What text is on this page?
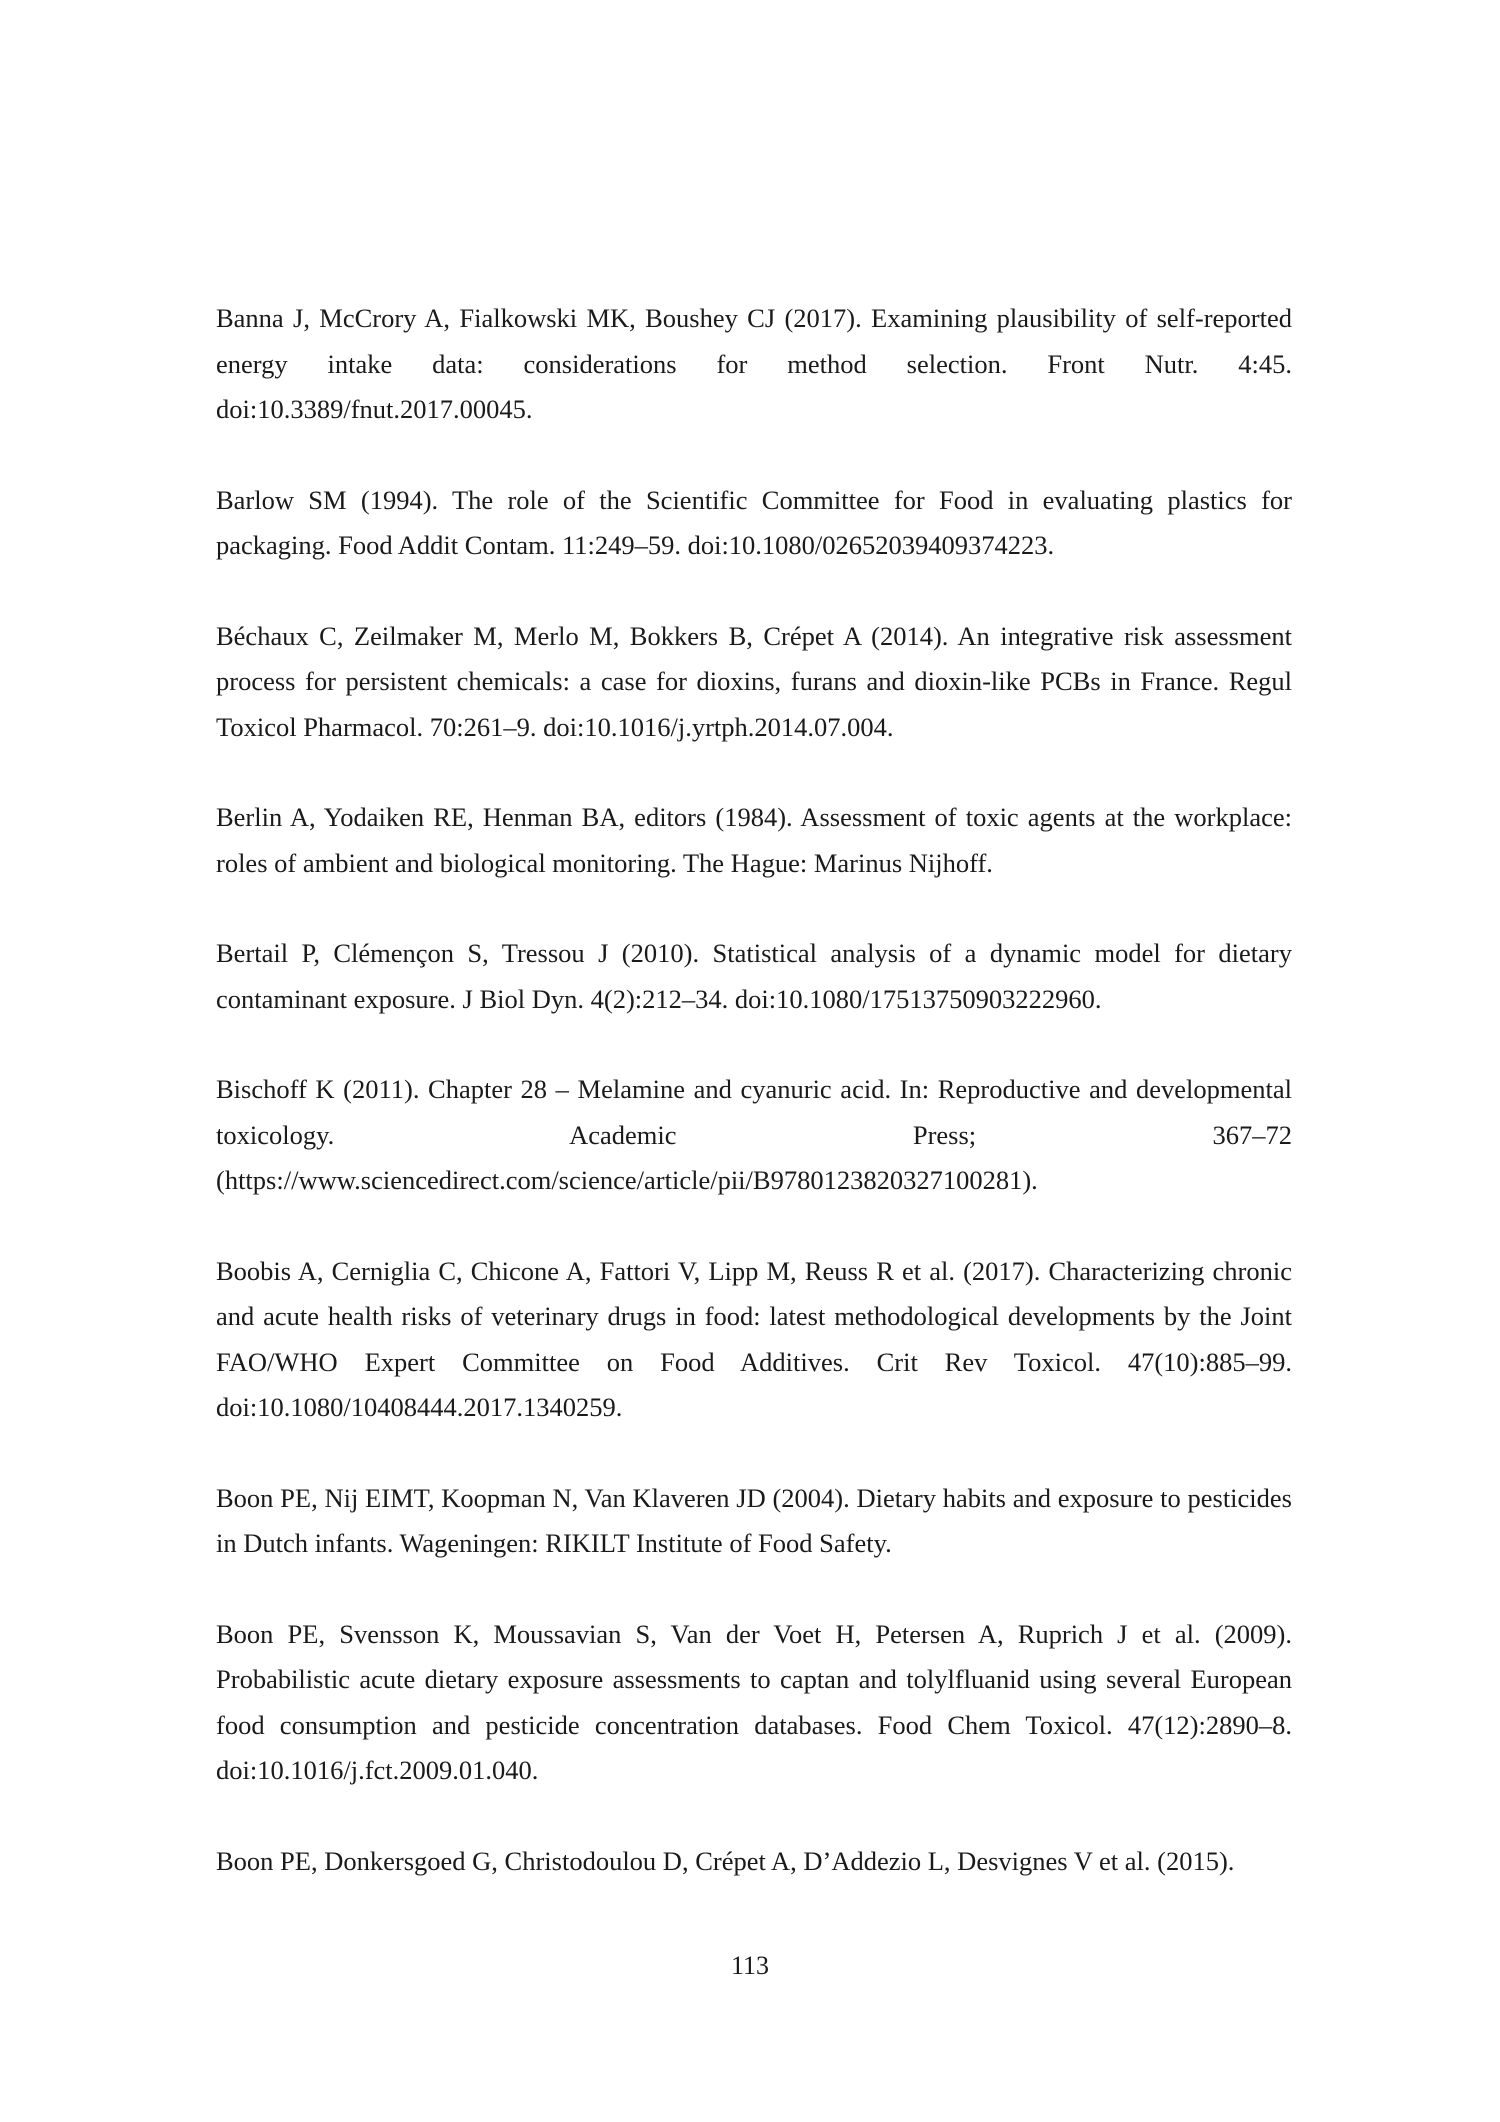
Banna J, McCrory A, Fialkowski MK, Boushey CJ (2017). Examining plausibility of self-reported energy intake data: considerations for method selection. Front Nutr. 4:45. doi:10.3389/fnut.2017.00045.

Barlow SM (1994). The role of the Scientific Committee for Food in evaluating plastics for packaging. Food Addit Contam. 11:249–59. doi:10.1080/02652039409374223.

Béchaux C, Zeilmaker M, Merlo M, Bokkers B, Crépet A (2014). An integrative risk assessment process for persistent chemicals: a case for dioxins, furans and dioxin-like PCBs in France. Regul Toxicol Pharmacol. 70:261–9. doi:10.1016/j.yrtph.2014.07.004.

Berlin A, Yodaiken RE, Henman BA, editors (1984). Assessment of toxic agents at the workplace: roles of ambient and biological monitoring. The Hague: Marinus Nijhoff.

Bertail P, Clémençon S, Tressou J (2010). Statistical analysis of a dynamic model for dietary contaminant exposure. J Biol Dyn. 4(2):212–34. doi:10.1080/17513750903222960.

Bischoff K (2011). Chapter 28 – Melamine and cyanuric acid. In: Reproductive and developmental toxicology. Academic Press; 367–72 (https://www.sciencedirect.com/science/article/pii/B9780123820327100281).

Boobis A, Cerniglia C, Chicone A, Fattori V, Lipp M, Reuss R et al. (2017). Characterizing chronic and acute health risks of veterinary drugs in food: latest methodological developments by the Joint FAO/WHO Expert Committee on Food Additives. Crit Rev Toxicol. 47(10):885–99. doi:10.1080/10408444.2017.1340259.

Boon PE, Nij EIMT, Koopman N, Van Klaveren JD (2004). Dietary habits and exposure to pesticides in Dutch infants. Wageningen: RIKILT Institute of Food Safety.

Boon PE, Svensson K, Moussavian S, Van der Voet H, Petersen A, Ruprich J et al. (2009). Probabilistic acute dietary exposure assessments to captan and tolylfluanid using several European food consumption and pesticide concentration databases. Food Chem Toxicol. 47(12):2890–8. doi:10.1016/j.fct.2009.01.040.

Boon PE, Donkersgoed G, Christodoulou D, Crépet A, D’Addezio L, Desvignes V et al. (2015).

113
